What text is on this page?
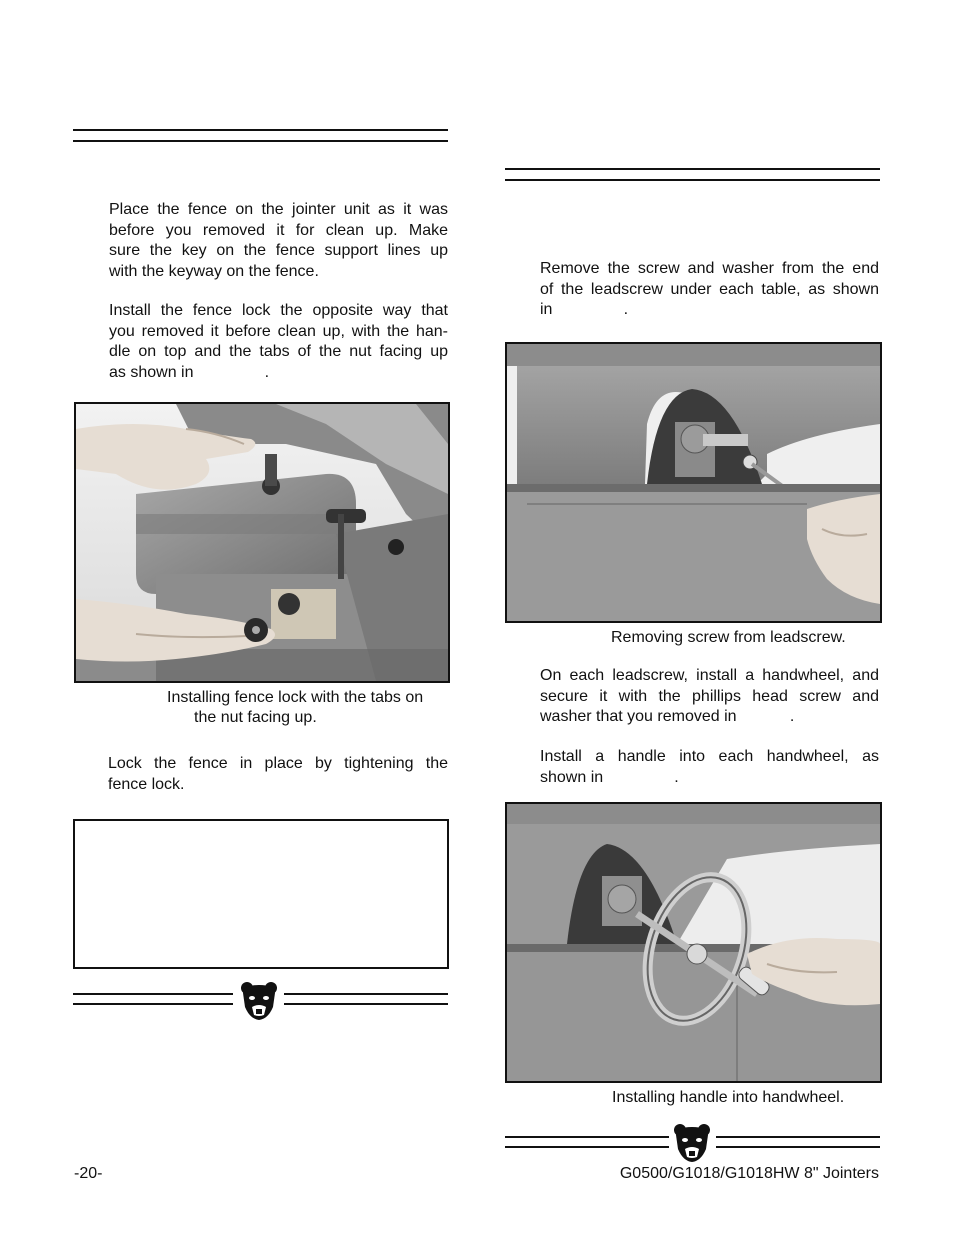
Place the fence on the jointer unit as it was
before you removed it for clean up. Make
sure the key on the fence support lines up
with the keyway on the fence.
Install the fence lock the opposite way that
you removed it before clean up, with the han-
dle on top and the tabs of the nut facing up
as shown in                .

Installing fence lock with the tabs on
the nut facing up.

Lock the fence in place by tightening the
fence lock.
Remove the screw and washer from the end
of the leadscrew under each table, as shown
in                .

Removing screw from leadscrew.

On each leadscrew, install a handwheel, and
secure it with the phillips head screw and
washer that you removed in            .
Install a handle into each handwheel, as
shown in                .

Installing handle into handwheel.

-20-	G0500/G1018/G1018HW 8" Jointers
